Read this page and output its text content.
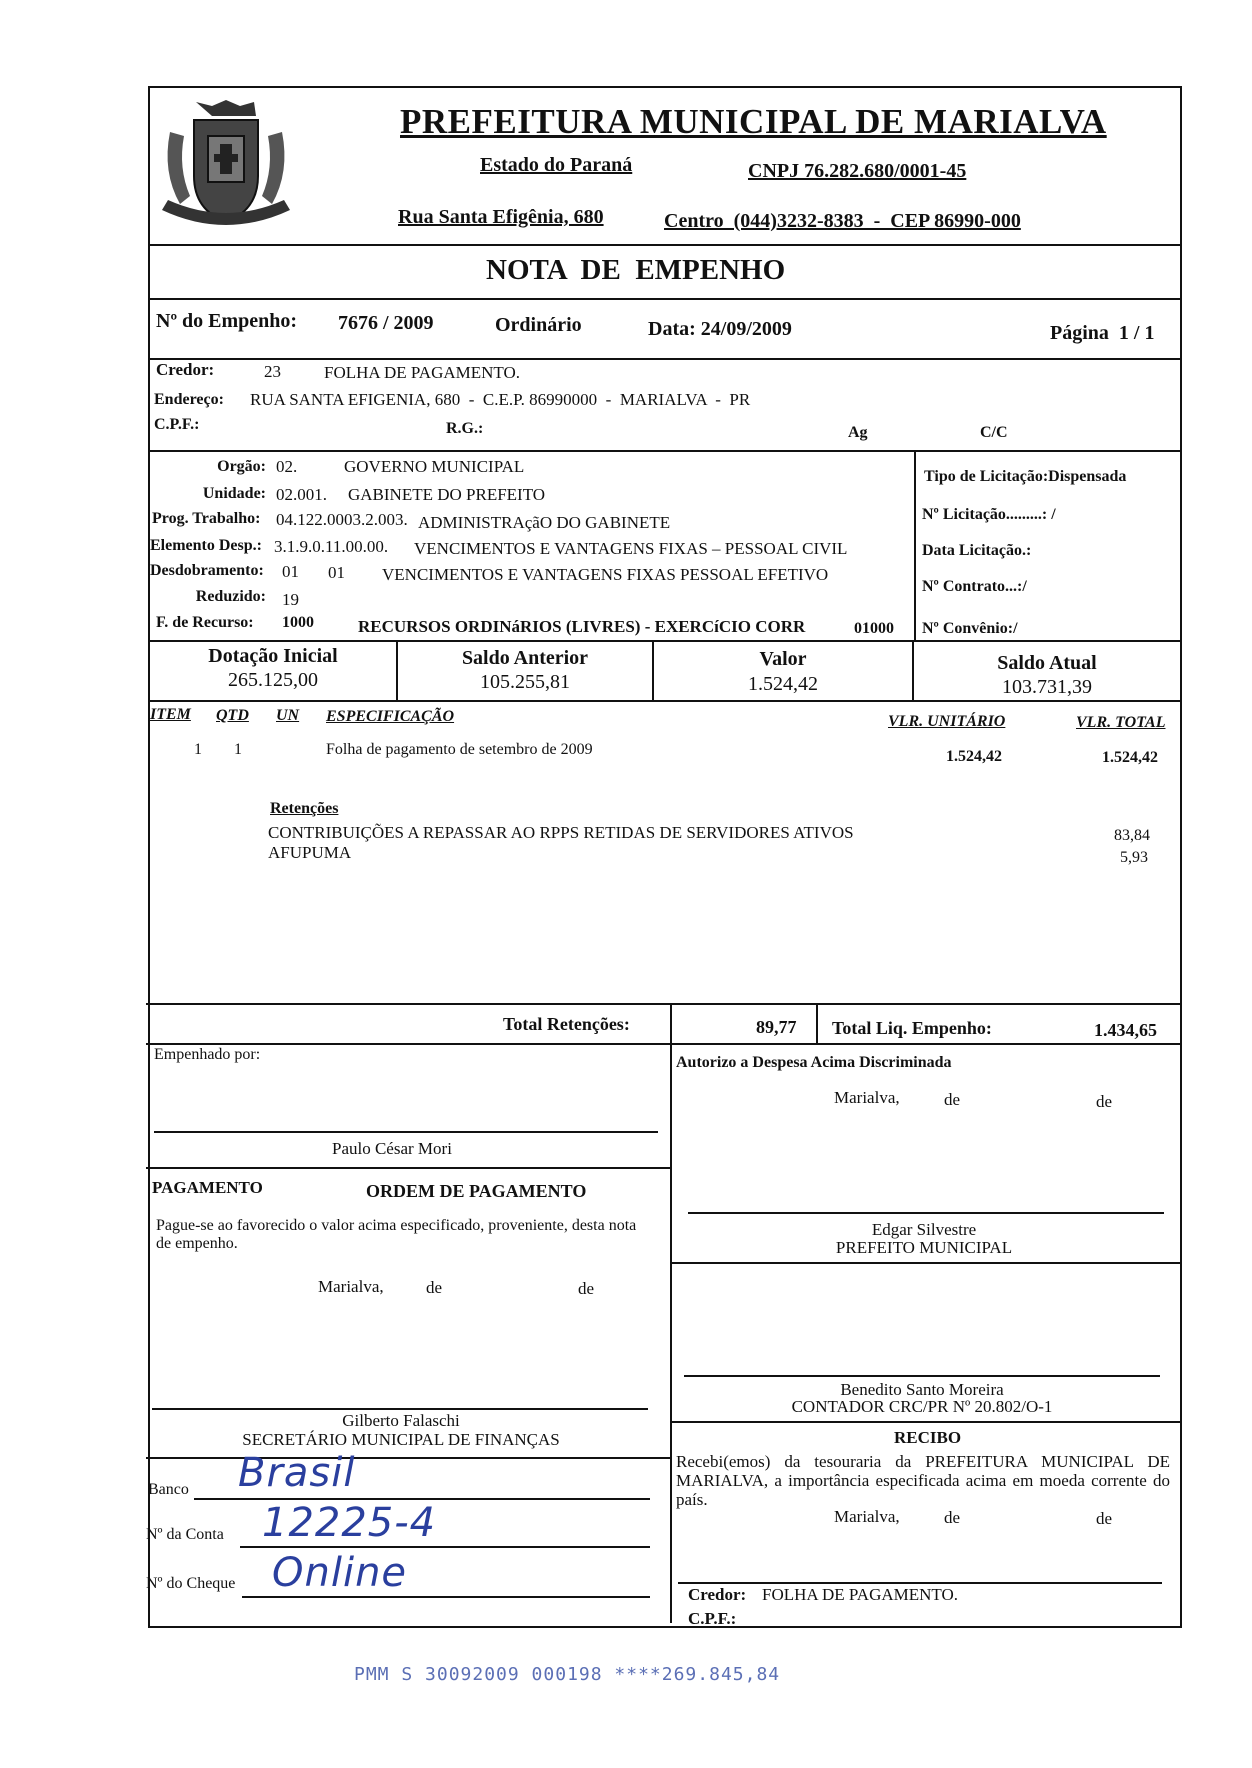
PREFEITURA MUNICIPAL DE MARIALVA
Estado do Paraná	CNPJ 76.282.680/0001-45
Rua Santa Efigênia, 680	Centro  (044)3232-8383  -  CEP 86990-000
NOTA  DE  EMPENHO
Nº do Empenho: 7676 / 2009	Ordinário	Data: 24/09/2009	Página  1 / 1
Credor:	23	FOLHA DE PAGAMENTO.
Endereço: RUA SANTA EFIGENIA, 680  -  C.E.P. 86990000  -  MARIALVA  -  PR
C.P.F.:	R.G.:	Ag	C/C
Orgão: 02.	GOVERNO MUNICIPAL
Unidade: 02.001. GABINETE DO PREFEITO
Prog. Trabalho: 04.122.0003.2.003. ADMINISTRAçãO DO GABINETE
Elemento Desp.: 3.1.9.0.11.00.00. VENCIMENTOS E VANTAGENS FIXAS – PESSOAL CIVIL
Desdobramento: 01 01 VENCIMENTOS E VANTAGENS FIXAS PESSOAL EFETIVO
Reduzido: 19
F. de Recurso: 1000	RECURSOS ORDINáRIOS (LIVRES) - EXERCíCIO CORR	01000
Tipo de Licitação:Dispensada
Nº Licitação.........: /
Data Licitação.:
Nº Contrato...:/
Nº Convênio:/
Dotação Inicial
265.125,00
Saldo Anterior
105.255,81
Valor
1.524,42
Saldo Atual
103.731,39
ITEM QTD UN ESPECIFICAÇÃO	VLR. UNITÁRIO	VLR. TOTAL
1 1	Folha de pagamento de setembro de 2009	1.524,42	1.524,42
Retenções
CONTRIBUIÇÕES A REPASSAR AO RPPS RETIDAS DE SERVIDORES ATIVOS	83,84
AFUPUMA	5,93
Total Retenções:	89,77 Total Liq. Empenho:	1.434,65
Empenhado por:
Paulo César Mori
Autorizo a Despesa Acima Discriminada
Marialva,	de	de
Edgar Silvestre
PREFEITO MUNICIPAL
PAGAMENTO	ORDEM DE PAGAMENTO
Pague-se ao favorecido o valor acima especificado, proveniente, desta nota de empenho.
Marialva, de	de
Gilberto Falaschi
SECRETÁRIO MUNICIPAL DE FINANÇAS
Benedito Santo Moreira
CONTADOR CRC/PR Nº 20.802/O-1
RECIBO
Recebi(emos) da tesouraria da PREFEITURA MUNICIPAL DE MARIALVA, a importância especificada acima em moeda corrente do país.
Marialva,	de	de
Credor: FOLHA DE PAGAMENTO.
C.P.F.:
Banco Brasil
Nº da Conta 12225-4
Nº do Cheque Online
PMM S 30092009 000198 ****269.845,84
